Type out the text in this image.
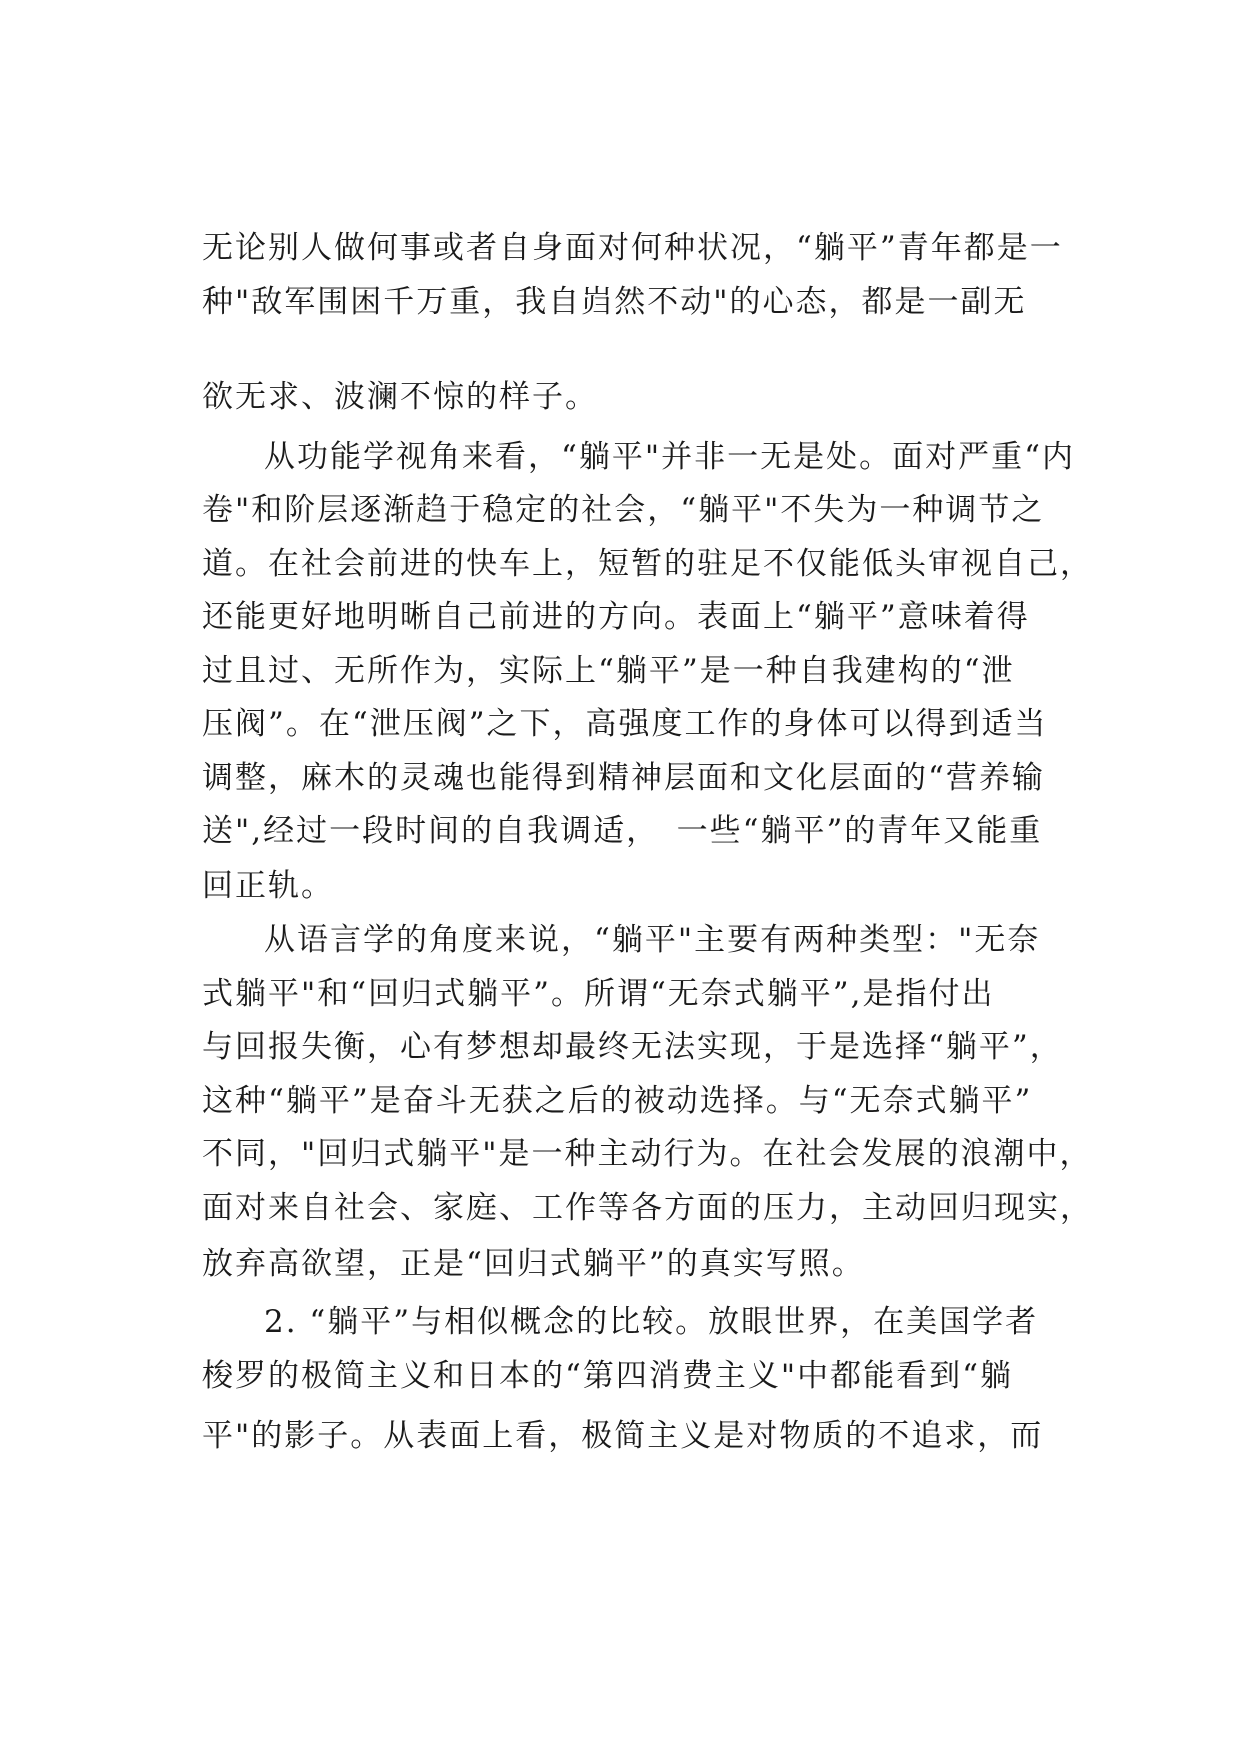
无论别人做何事或者自身面对何种状况，“躺平”青年都是一

种"敌军围困千万重，我自岿然不动"的心态，都是一副无

欲无求、波澜不惊的样子。

从功能学视角来看，“躺平"并非一无是处。面对严重“内

卷"和阶层逐渐趋于稳定的社会，“躺平"不失为一种调节之

道。在社会前进的快车上，短暂的驻足不仅能低头审视自己，

还能更好地明晰自己前进的方向。表面上“躺平”意味着得

过且过、无所作为，实际上“躺平”是一种自我建构的“泄

压阀”。在“泄压阀”之下，高强度工作的身体可以得到适当

调整，麻木的灵魂也能得到精神层面和文化层面的“营养输

送",经过一段时间的自我调适，　一些“躺平”的青年又能重

回正轨。

从语言学的角度来说，“躺平"主要有两种类型："无奈

式躺平"和“回归式躺平”。所谓“无奈式躺平”,是指付出

与回报失衡，心有梦想却最终无法实现，于是选择“躺平”，

这种“躺平”是奋斗无获之后的被动选择。与“无奈式躺平”

不同，"回归式躺平"是一种主动行为。在社会发展的浪潮中，

面对来自社会、家庭、工作等各方面的压力，主动回归现实，

放弃高欲望，正是“回归式躺平”的真实写照。

2. “躺平”与相似概念的比较。放眼世界，在美国学者

梭罗的极简主义和日本的“第四消费主义"中都能看到“躺

平"的影子。从表面上看，极简主义是对物质的不追求，而
